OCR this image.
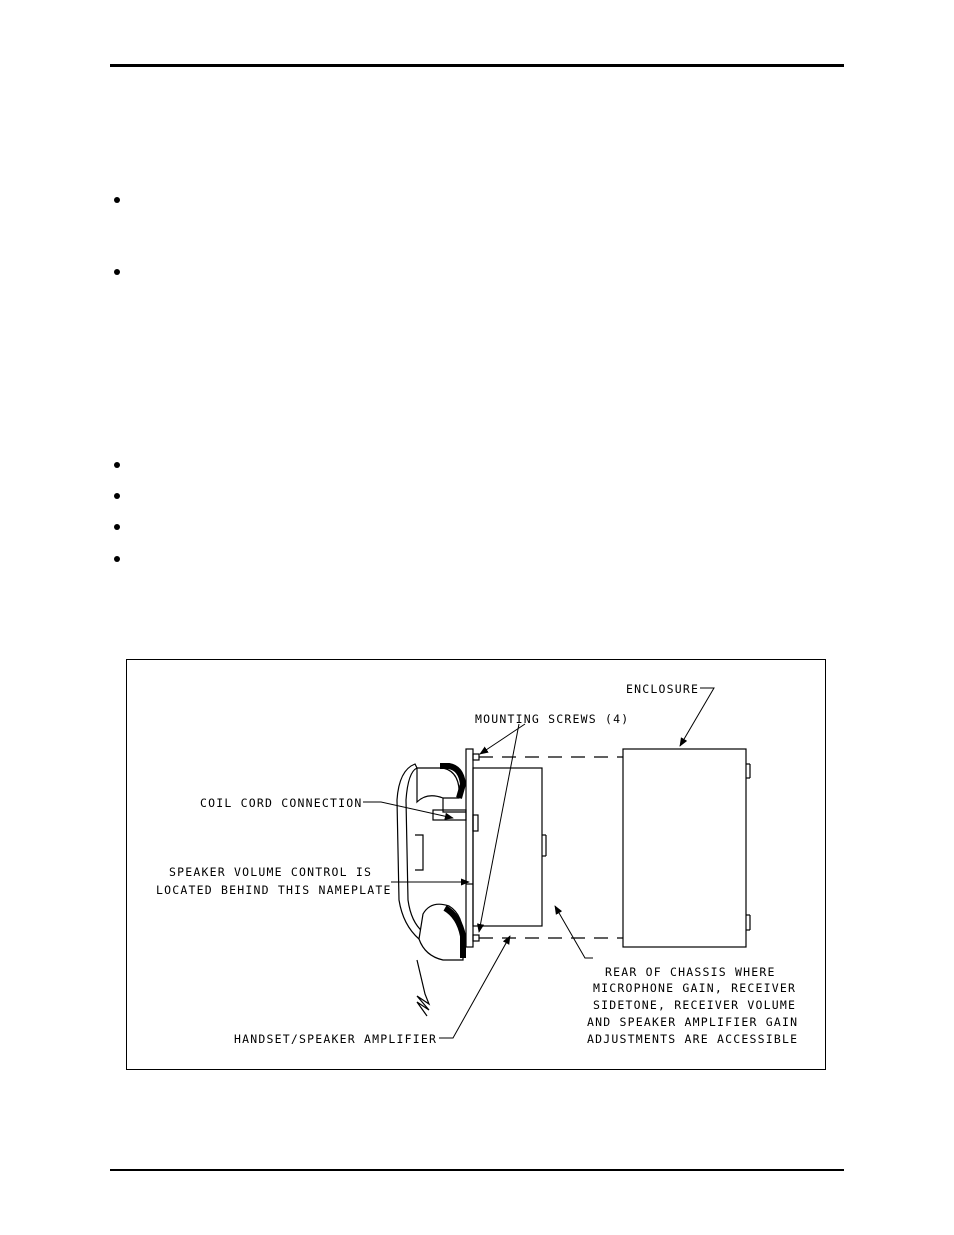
ENCLOSURE
MOUNTING SCREWS (4)
COIL CORD CONNECTION
SPEAKER VOLUME CONTROL IS
LOCATED BEHIND THIS NAMEPLATE
REAR OF CHASSIS WHERE
MICROPHONE GAIN, RECEIVER
SIDETONE, RECEIVER VOLUME
AND SPEAKER AMPLIFIER GAIN
ADJUSTMENTS ARE ACCESSIBLE
HANDSET/SPEAKER AMPLIFIER
